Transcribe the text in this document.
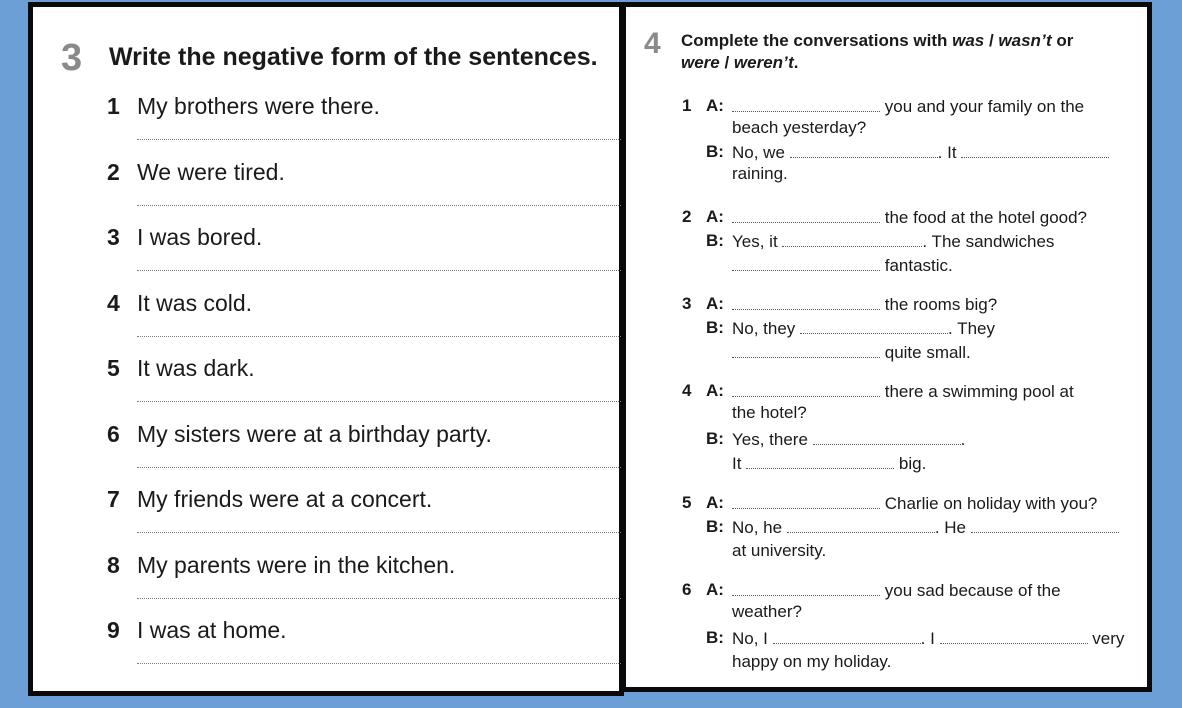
3 Write the negative form of the sentences.
1 My brothers were there.
2 We were tired.
3 I was bored.
4 It was cold.
5 It was dark.
6 My sisters were at a birthday party.
7 My friends were at a concert.
8 My parents were in the kitchen.
9 I was at home.
4 Complete the conversations with was / wasn’t or
were / weren’t.
1 A:	you and your family on the
beach yesterday?
B: No, we	. It
raining.
2 A:	the food at the hotel good?
B: Yes, it	. The sandwiches
fantastic.
3 A:	the rooms big?
B: No, they	. They
quite small.
4 A:	there a swimming pool at
the hotel?
B: Yes, there	.
It	big.
5 A:	Charlie on holiday with you?
B: No, he	. He
at university.
6 A:	you sad because of the
weather?
B: No, I	. I	very
happy on my holiday.
